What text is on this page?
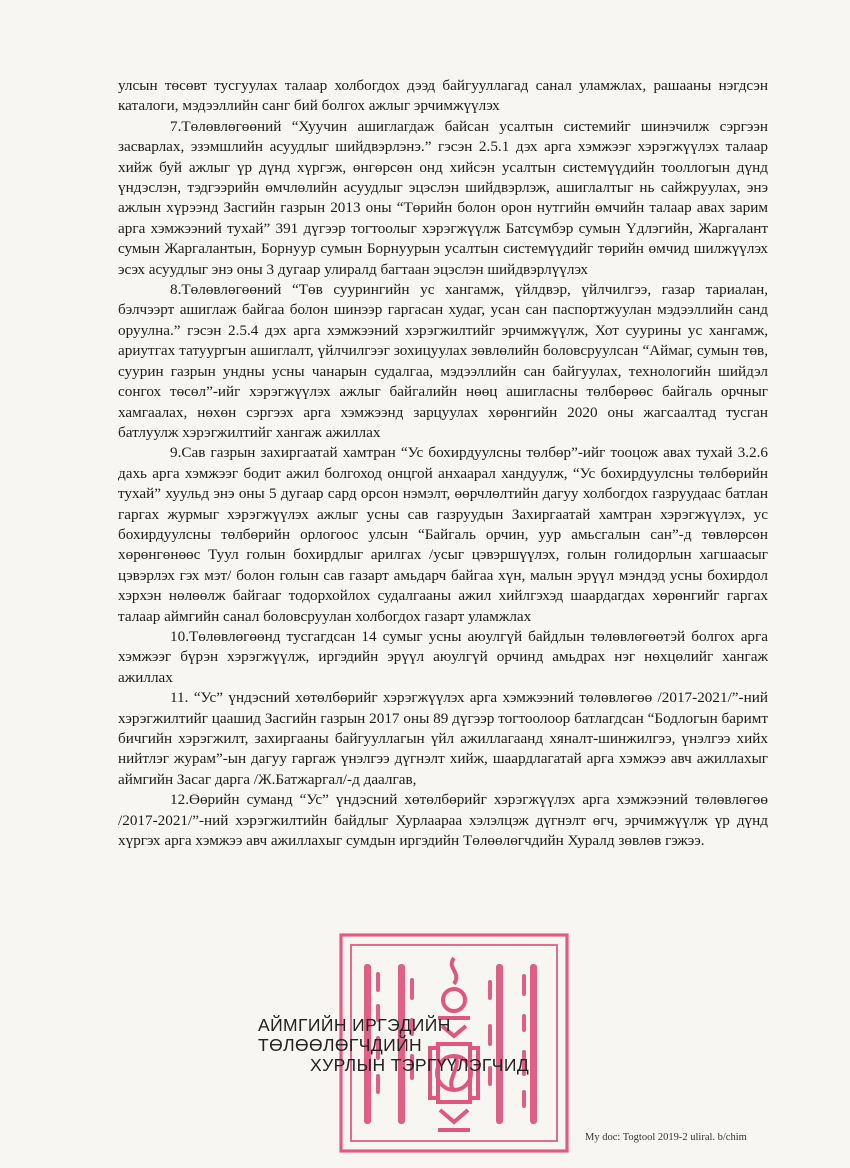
улсын төсөвт тусгуулах талаар холбогдох дээд байгууллагад санал уламжлах, рашааны нэгдсэн каталоги, мэдээллийн санг бий болгох ажлыг эрчимжүүлэх

7.Төлөвлөгөөний “Хуучин ашиглагдаж байсан усалтын системийг шинэчилж сэргээн засварлах, эзэмшлийн асуудлыг шийдвэрлэнэ.” гэсэн 2.5.1 дэх арга хэмжээг хэрэгжүүлэх талаар хийж буй ажлыг үр дүнд хүргэж, өнгөрсөн онд хийсэн усалтын системүүдийн тооллогын дүнд үндэслэн, тэдгээрийн өмчлөлийн асуудлыг эцэслэн шийдвэрлэж, ашиглалтыг нь сайжруулах, энэ ажлын хүрээнд Засгийн газрын 2013 оны “Төрийн болон орон нутгийн өмчийн талаар авах зарим арга хэмжээний тухай” 391 дүгээр тогтоолыг хэрэгжүүлж Батсүмбэр сумын Үдлэгийн, Жаргалант сумын Жаргалантын, Борнуур сумын Борнуурын усалтын системүүдийг төрийн өмчид шилжүүлэх эсэх асуудлыг энэ оны 3 дугаар улиралд багтаан эцэслэн шийдвэрлүүлэх

8.Төлөвлөгөөний “Төв суурингийн ус хангамж, үйлдвэр, үйлчилгээ, газар тариалан, бэлчээрт ашиглаж байгаа болон шинээр гаргасан худаг, усан сан паспортжуулан мэдээллийн санд оруулна.” гэсэн 2.5.4 дэх арга хэмжээний хэрэгжилтийг эрчимжүүлж, Хот суурины ус хангамж, ариутгах татуургын ашиглалт, үйлчилгээг зохицуулах зөвлөлийн боловсруулсан “Аймаг, сумын төв, суурин газрын ундны усны чанарын судалгаа, мэдээллийн сан байгуулах, технологийн шийдэл сонгох төсөл”-ийг хэрэгжүүлэх ажлыг байгалийн нөөц ашигласны төлбөрөөс байгаль орчныг хамгаалах, нөхөн сэргээх арга хэмжээнд зарцуулах хөрөнгийн 2020 оны жагсаалтад тусган батлуулж хэрэгжилтийг хангаж ажиллах

9.Сав газрын захиргаатай хамтран “Ус бохирдуулсны төлбөр”-ийг тооцож авах тухай 3.2.6 дахь арга хэмжээг бодит ажил болгоход онцгой анхаарал хандуулж, “Ус бохирдуулсны төлбөрийн тухай” хуульд энэ оны 5 дугаар сард орсон нэмэлт, өөрчлөлтийн дагуу холбогдох газруудаас батлан гаргах журмыг хэрэгжүүлэх ажлыг усны сав газруудын Захиргаатай хамтран хэрэгжүүлэх, ус бохирдуулсны төлбөрийн орлогоос улсын “Байгаль орчин, уур амьсгалын сан”-д төвлөрсөн хөрөнгөнөөс Туул голын бохирдлыг арилгах /усыг цэвэршүүлэх, голын голидорлын хагшаасыг цэвэрлэх гэх мэт/ болон голын сав газарт амьдарч байгаа хүн, малын эрүүл мэндэд усны бохирдол хэрхэн нөлөөлж байгааг тодорхойлох судалгааны ажил хийлгэхэд шаардагдах хөрөнгийг гаргах талаар аймгийн санал боловсруулан холбогдох газарт уламжлах

10.Төлөвлөгөөнд тусгагдсан 14 сумыг усны аюулгүй байдлын төлөвлөгөөтэй болгох арга хэмжээг бүрэн хэрэгжүүлж, иргэдийн эрүүл аюулгүй орчинд амьдрах нэг нөхцөлийг хангаж ажиллах

11. “Ус” үндэсний хөтөлбөрийг хэрэгжүүлэх арга хэмжээний төлөвлөгөө /2017-2021/”-ний хэрэгжилтийг цаашид Засгийн газрын 2017 оны 89 дүгээр тогтоолоор батлагдсан “Бодлогын баримт бичгийн хэрэгжилт, захиргааны байгууллагын үйл ажиллагаанд хяналт-шинжилгээ, үнэлгээ хийх нийтлэг журам”-ын дагуу гаргаж үнэлгээ дүгнэлт хийж, шаардлагатай арга хэмжээ авч ажиллахыг аймгийн Засаг дарга /Ж.Батжаргал/-д даалгав,

12.Өөрийн суманд “Ус” үндэсний хөтөлбөрийг хэрэгжүүлэх арга хэмжээний төлөвлөгөө /2017-2021/”-ний хэрэгжилтийн байдлыг Хурлаараа хэлэлцэж дүгнэлт өгч, эрчимжүүлж үр дүнд хүргэх арга хэмжээ авч ажиллахыг сумдын иргэдийн Төлөөлөгчдийн Хуралд зөвлөв гэжээ.

АЙМГИЙН ИРГЭДИЙН ТӨЛӨӨЛӨГЧДИЙН
ХУРЛЫН ТЭРГҮҮЛЭГЧИД
My doc: Togtool 2019-2 uliral. b/chim
